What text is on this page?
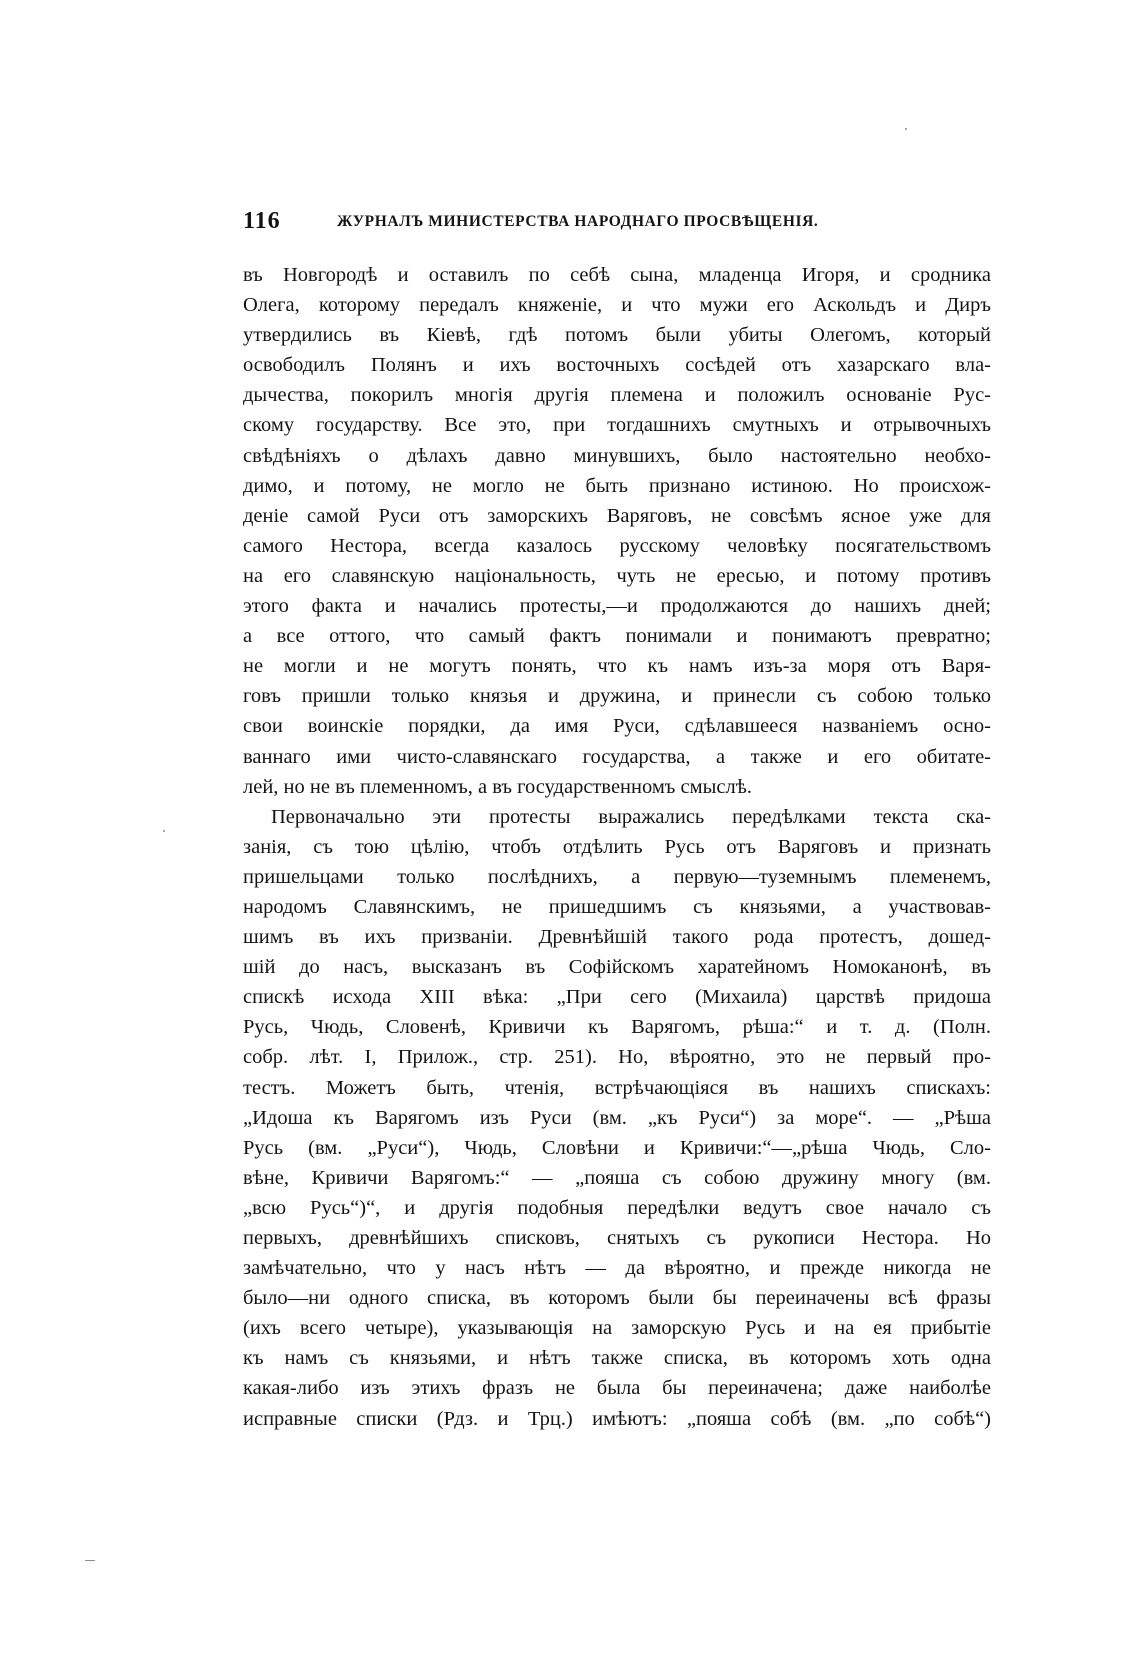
116	ЖУРНАЛЪ МИНИСТЕРСТВА НАРОДНАГО ПРОСВѢЩЕНІЯ.
въ Новгородѣ и оставилъ по себѣ сына, младенца Игоря, и сродника
Олега, которому передалъ княженіе, и что мужи его Аскольдъ и Диръ
утвердились въ Кіевѣ, гдѣ потомъ были убиты Олегомъ, который
освободилъ Полянъ и ихъ восточныхъ сосѣдей отъ хазарскаго вла-
дычества, покорилъ многія другія племена и положилъ основаніе Рус-
скому государству. Все это, при тогдашнихъ смутныхъ и отрывочныхъ
свѣдѣніяхъ о дѣлахъ давно минувшихъ, было настоятельно необхо-
димо, и потому, не могло не быть признано истиною. Но происхож-
деніе самой Руси отъ заморскихъ Варяговъ, не совсѣмъ ясное уже для
самого Нестора, всегда казалось русскому человѣку посягательствомъ
на его славянскую національность, чуть не ересью, и потому противъ
этого факта и начались протесты,—и продолжаются до нашихъ дней;
а все оттого, что самый фактъ понимали и понимаютъ превратно;
не могли и не могутъ понять, что къ намъ изъ-за моря отъ Варя-
говъ пришли только князья и дружина, и принесли съ собою только
свои воинскіе порядки, да имя Руси, сдѣлавшееся названіемъ осно-
ваннаго ими чисто-славянскаго государства, а также и его обитате-
лей, но не въ племенномъ, а въ государственномъ смыслѣ.
Первоначально эти протесты выражались передѣлками текста ска-
занія, съ тою цѣлію, чтобъ отдѣлить Русь отъ Варяговъ и признать
пришельцами только послѣднихъ, а первую—туземнымъ племенемъ,
народомъ Славянскимъ, не пришедшимъ съ князьями, а участвовав-
шимъ въ ихъ призваніи. Древнѣйшій такого рода протестъ, дошед-
шій до насъ, высказанъ въ Софійскомъ харатейномъ Номоканонѣ, въ
спискѣ исхода XIII вѣка: „При сего (Михаила) царствѣ придоша
Русь, Чюдь, Словенѣ, Кривичи къ Варягомъ, рѣша:“ и т. д. (Полн.
собр. лѣт. I, Прилож., стр. 251). Но, вѣроятно, это не первый про-
тестъ. Можетъ быть, чтенія, встрѣчающіяся въ нашихъ спискахъ:
„Идоша къ Варягомъ изъ Руси (вм. „къ Руси“) за море“. — „Рѣша
Русь (вм. „Руси“), Чюдь, Словѣни и Кривичи:“—„рѣша Чюдь, Сло-
вѣне, Кривичи Варягомъ:“ — „пояша съ собою дружину многу (вм.
„всю Русь“)“, и другія подобныя передѣлки ведутъ свое начало съ
первыхъ, древнѣйшихъ списковъ, снятыхъ съ рукописи Нестора. Но
замѣчательно, что у насъ нѣтъ — да вѣроятно, и прежде никогда не
было—ни одного списка, въ которомъ были бы переиначены всѣ фразы
(ихъ всего четыре), указывающія на заморскую Русь и на ея прибытіе
къ намъ съ князьями, и нѣтъ также списка, въ которомъ хоть одна
какая-либо изъ этихъ фразъ не была бы переиначена; даже наиболѣе
исправные списки (Рдз. и Трц.) имѣютъ: „пояша собѣ (вм. „по собѣ“)
